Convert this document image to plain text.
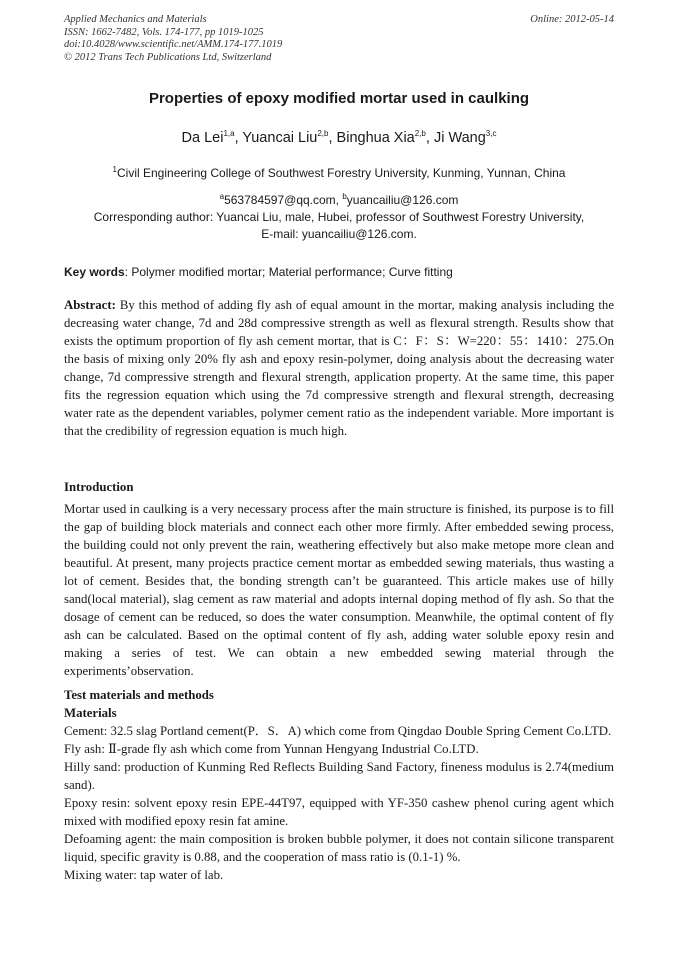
Applied Mechanics and Materials
ISSN: 1662-7482, Vols. 174-177, pp 1019-1025
doi:10.4028/www.scientific.net/AMM.174-177.1019
© 2012 Trans Tech Publications Ltd, Switzerland
Online: 2012-05-14
Properties of epoxy modified mortar used in caulking
Da Lei$^{1,a}$, Yuancai Liu$^{2,b}$, Binghua Xia$^{2,b}$, Ji Wang$^{3,c}$
$^1$Civil Engineering College of Southwest Forestry University, Kunming, Yunnan, China
$^a$563784597@qq.com, $^b$yuancailiu@126.com
Corresponding author: Yuancai Liu, male, Hubei, professor of Southwest Forestry University,
E-mail: yuancailiu@126.com.
Key words: Polymer modified mortar; Material performance; Curve fitting
Abstract: By this method of adding fly ash of equal amount in the mortar, making analysis including the decreasing water change, 7d and 28d compressive strength as well as flexural strength. Results show that exists the optimum proportion of fly ash cement mortar, that is C：F：S：W=220：55：1410：275.On the basis of mixing only 20% fly ash and epoxy resin-polymer, doing analysis about the decreasing water change, 7d compressive strength and flexural strength, application property. At the same time, this paper fits the regression equation which using the 7d compressive strength and flexural strength, decreasing water rate as the dependent variables, polymer cement ratio as the independent variable. More important is that the credibility of regression equation is much high.
Introduction
Mortar used in caulking is a very necessary process after the main structure is finished, its purpose is to fill the gap of building block materials and connect each other more firmly. After embedded sewing process, the building could not only prevent the rain, weathering effectively but also make metope more clean and beautiful. At present, many projects practice cement mortar as embedded sewing materials, thus wasting a lot of cement. Besides that, the bonding strength can’t be guaranteed. This article makes use of hilly sand(local material), slag cement as raw material and adopts internal doping method of fly ash. So that the dosage of cement can be reduced, so does the water consumption. Meanwhile, the optimal content of fly ash can be calculated. Based on the optimal content of fly ash, adding water soluble epoxy resin and making a series of test. We can obtain a new embedded sewing material through the experiments’observation.
Test materials and methods
Materials

Cement: 32.5 slag Portland cement(P．S．A) which come from Qingdao Double Spring Cement Co.LTD.

Fly ash: Ⅱ-grade fly ash which come from Yunnan Hengyang Industrial Co.LTD.

Hilly sand: production of Kunming Red Reflects Building Sand Factory, fineness modulus is 2.74(medium sand).

Epoxy resin: solvent epoxy resin EPE-44T97, equipped with YF-350 cashew phenol curing agent which mixed with modified epoxy resin fat amine.

Defoaming agent: the main composition is broken bubble polymer, it does not contain silicone transparent liquid, specific gravity is 0.88, and the cooperation of mass ratio is (0.1-1) %.

Mixing water: tap water of lab.
